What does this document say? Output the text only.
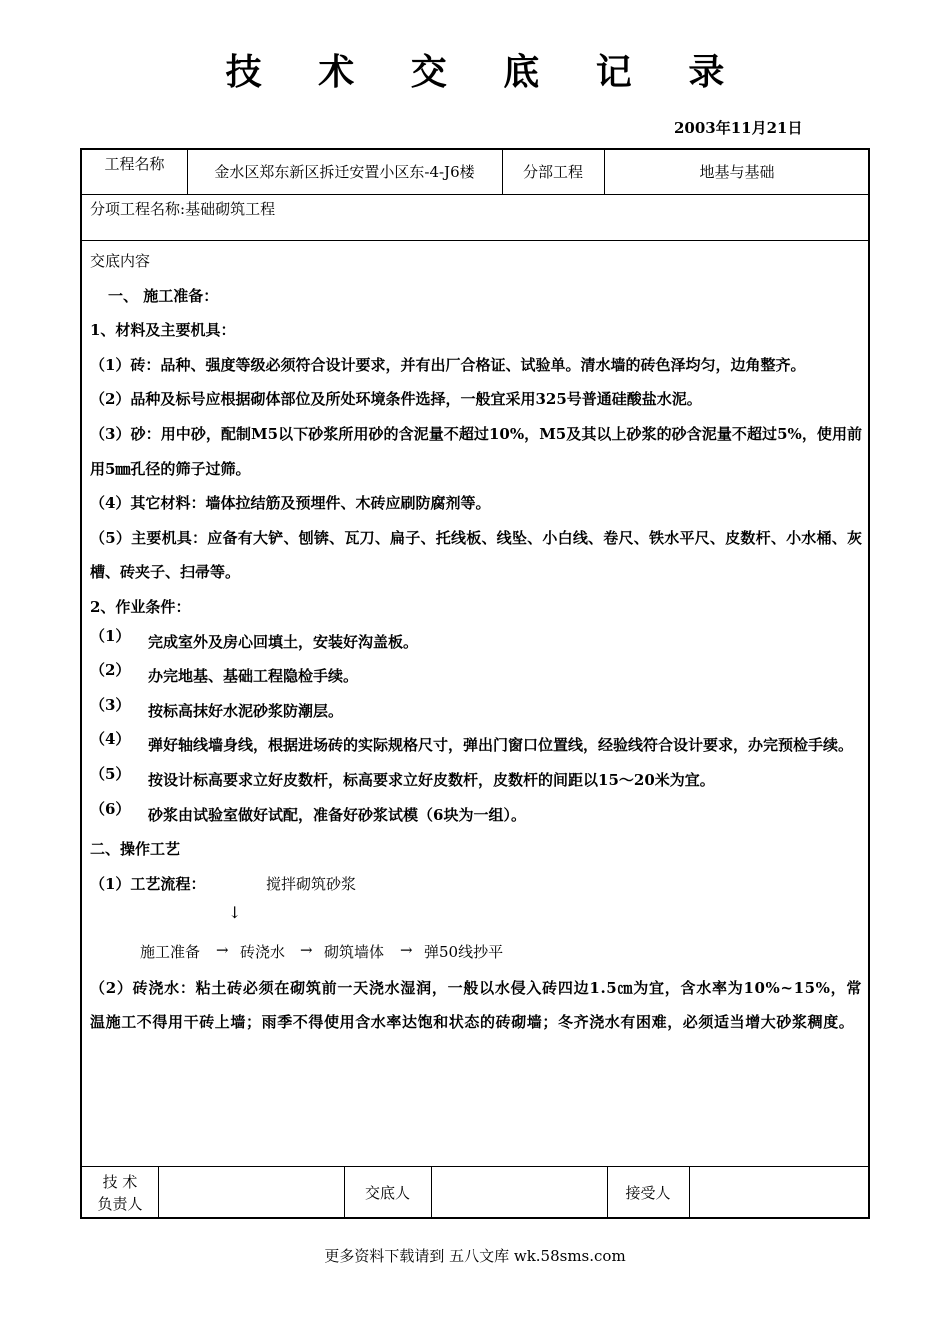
技 术 交 底 记 录
2003年11月21日
工程名称	金水区郑东新区拆迁安置小区东-4-J6楼	分部工程	地基与基础
分项工程名称: 基础砌筑工程

交底内容

一、 施工准备：

1、材料及主要机具：

（1）砖：品种、强度等级必须符合设计要求，并有出厂合格证、试验单。清水墙的砖色泽均匀，边角整齐。

（2）品种及标号应根据砌体部位及所处环境条件选择，一般宜采用325号普通硅酸盐水泥。

（3）砂：用中砂，配制M5以下砂浆所用砂的含泥量不超过10%，M5及其以上砂浆的砂含泥量不超过5%，使用前用5㎜孔径的筛子过筛。

（4）其它材料：墙体拉结筋及预埋件、木砖应刷防腐剂等。

（5）主要机具：应备有大铲、刨锛、瓦刀、扁子、托线板、线坠、小白线、卷尺、铁水平尺、皮数杆、小水桶、灰槽、砖夹子、扫帚等。

2、作业条件：

（1）	完成室外及房心回填土，安装好沟盖板。

（2）	办完地基、基础工程隐检手续。

（3）	按标高抹好水泥砂浆防潮层。

（4）	弹好轴线墙身线，根据进场砖的实际规格尺寸，弹出门窗口位置线，经验线符合设计要求，办完预检手续。

（5）	按设计标高要求立好皮数杆，标高要求立好皮数杆，皮数杆的间距以15～20米为宜。

（6）	砂浆由试验室做好试配，准备好砂浆试模（6块为一组）。

二、操作工艺

（1）工艺流程：	搅拌砌筑砂浆
↓
施工准备 → 砖浇水 → 砌筑墙体 → 弹50线抄平

（2）砖浇水：粘土砖必须在砌筑前一天浇水湿润，一般以水侵入砖四边1.5㎝为宜，含水率为10%~15%，常温施工不得用干砖上墙；雨季不得使用含水率达饱和状态的砖砌墙；冬齐浇水有困难，必须适当增大砂浆稠度。

技 术
负责人
交底人	接受人
更多资料下载请到 五八文库 wk.58sms.com
